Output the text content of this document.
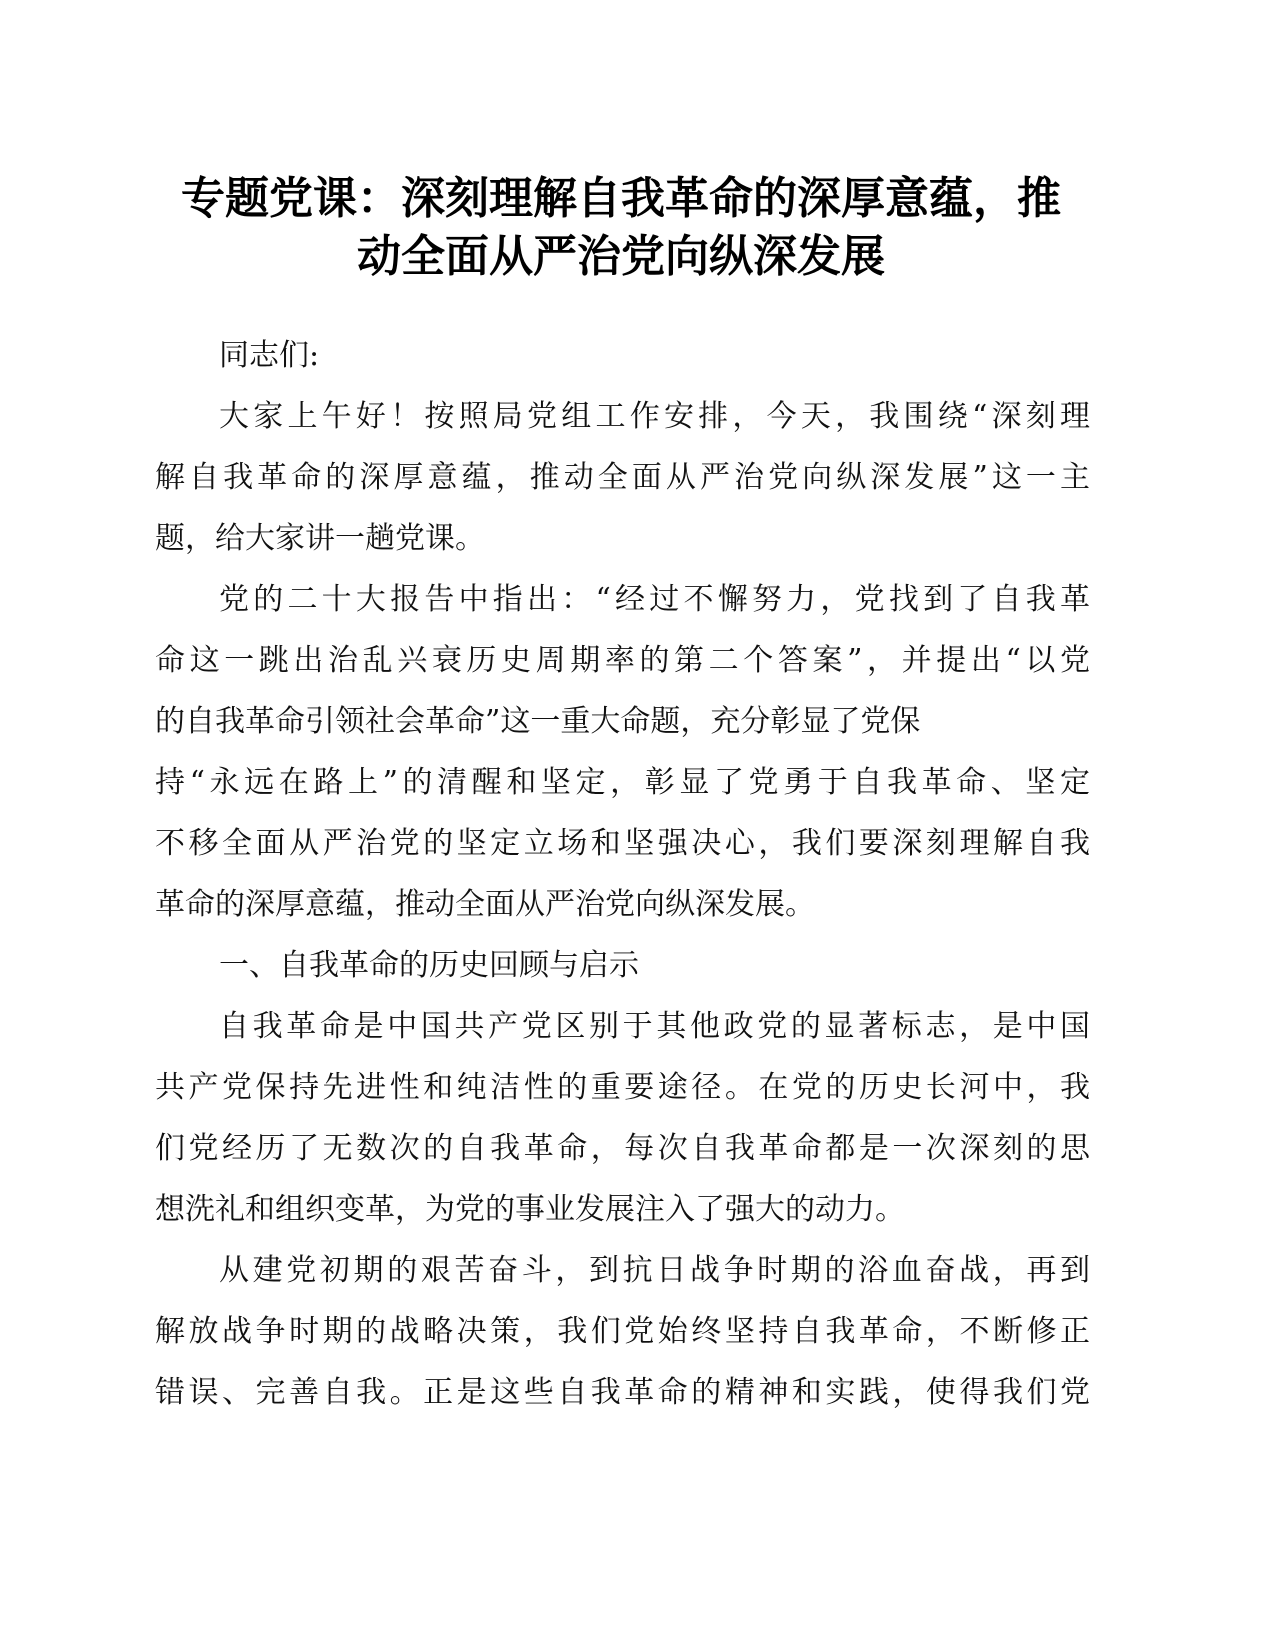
专题党课：深刻理解自我革命的深厚意蕴，推
动全面从严治党向纵深发展

同志们:

大家上午好！按照局党组工作安排，今天，我围绕“深刻理

解自我革命的深厚意蕴，推动全面从严治党向纵深发展”这一主

题，给大家讲一趟党课。

党的二十大报告中指出：“经过不懈努力，党找到了自我革

命这一跳出治乱兴衰历史周期率的第二个答案”，并提出“以党

的自我革命引领社会革命”这一重大命题，充分彰显了党保

持“永远在路上”的清醒和坚定，彰显了党勇于自我革命、坚定

不移全面从严治党的坚定立场和坚强决心，我们要深刻理解自我

革命的深厚意蕴，推动全面从严治党向纵深发展。

一、自我革命的历史回顾与启示

自我革命是中国共产党区别于其他政党的显著标志，是中国

共产党保持先进性和纯洁性的重要途径。在党的历史长河中，我

们党经历了无数次的自我革命，每次自我革命都是一次深刻的思

想洗礼和组织变革，为党的事业发展注入了强大的动力。

从建党初期的艰苦奋斗，到抗日战争时期的浴血奋战，再到

解放战争时期的战略决策，我们党始终坚持自我革命，不断修正

错误、完善自我。正是这些自我革命的精神和实践，使得我们党
